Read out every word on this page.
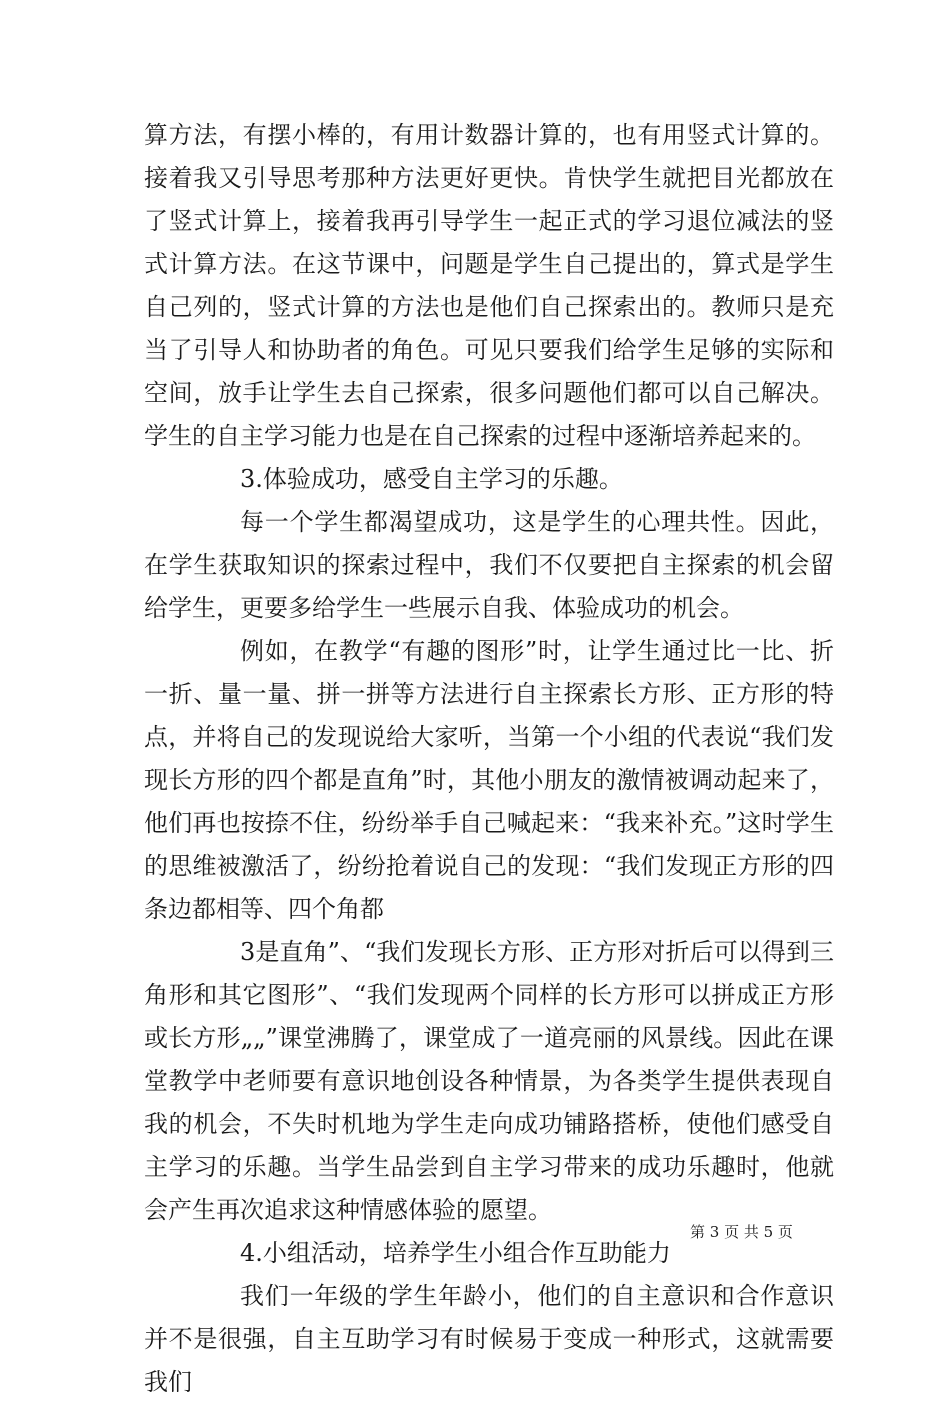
算方法，有摆小棒的，有用计数器计算的，也有用竖式计算的。接着我又引导思考那种方法更好更快。肯快学生就把目光都放在了竖式计算上，接着我再引导学生一起正式的学习退位减法的竖式计算方法。在这节课中，问题是学生自己提出的，算式是学生自己列的，竖式计算的方法也是他们自己探索出的。教师只是充当了引导人和协助者的角色。可见只要我们给学生足够的实际和空间，放手让学生去自己探索，很多问题他们都可以自己解决。学生的自主学习能力也是在自己探索的过程中逐渐培养起来的。

3.体验成功，感受自主学习的乐趣。

每一个学生都渴望成功，这是学生的心理共性。因此，在学生获取知识的探索过程中，我们不仅要把自主探索的机会留给学生，更要多给学生一些展示自我、体验成功的机会。

例如，在教学“有趣的图形”时，让学生通过比一比、折一折、量一量、拼一拼等方法进行自主探索长方形、正方形的特点，并将自己的发现说给大家听，当第一个小组的代表说“我们发现长方形的四个都是直角”时，其他小朋友的激情被调动起来了，他们再也按捺不住，纷纷举手自己喊起来：“我来补充。”这时学生的思维被激活了，纷纷抢着说自己的发现：“我们发现正方形的四条边都相等、四个角都

3是直角”、“我们发现长方形、正方形对折后可以得到三角形和其它图形”、“我们发现两个同样的长方形可以拼成正方形或长方形„„”课堂沸腾了，课堂成了一道亮丽的风景线。因此在课堂教学中老师要有意识地创设各种情景，为各类学生提供表现自我的机会，不失时机地为学生走向成功铺路搭桥，使他们感受自主学习的乐趣。当学生品尝到自主学习带来的成功乐趣时，他就会产生再次追求这种情感体验的愿望。

4.小组活动，培养学生小组合作互助能力

我们一年级的学生年龄小，他们的自主意识和合作意识并不是很强，自主互助学习有时候易于变成一种形式，这就需要我们

第 3 页 共 5 页
